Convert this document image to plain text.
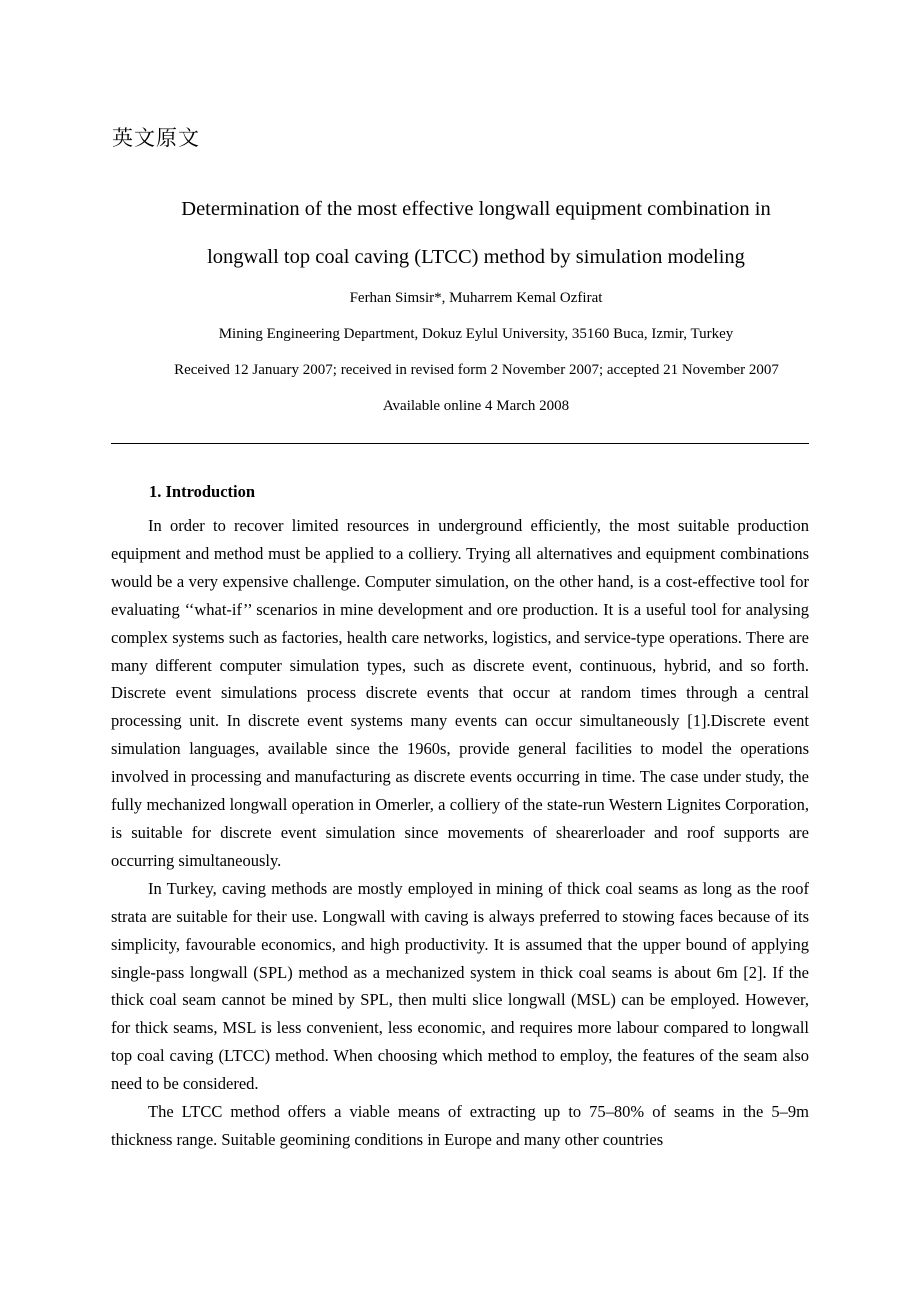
英文原文
Determination of the most effective longwall equipment combination in
longwall top coal caving (LTCC) method by simulation modeling
Ferhan Simsir*, Muharrem Kemal Ozfirat
Mining Engineering Department, Dokuz Eylul University, 35160 Buca, Izmir, Turkey
Received 12 January 2007; received in revised form 2 November 2007; accepted 21 November 2007
Available online 4 March 2008
1. Introduction

In order to recover limited resources in underground efficiently, the most suitable production equipment and method must be applied to a colliery. Trying all alternatives and equipment combinations would be a very expensive challenge. Computer simulation, on the other hand, is a cost-effective tool for evaluating ‘‘what-if’’ scenarios in mine development and ore production. It is a useful tool for analysing complex systems such as factories, health care networks, logistics, and service-type operations. There are many different computer simulation types, such as discrete event, continuous, hybrid, and so forth. Discrete event simulations process discrete events that occur at random times through a central processing unit. In discrete event systems many events can occur simultaneously [1].Discrete event simulation languages, available since the 1960s, provide general facilities to model the operations involved in processing and manufacturing as discrete events occurring in time. The case under study, the fully mechanized longwall operation in Omerler, a colliery of the state-run Western Lignites Corporation, is suitable for discrete event simulation since movements of shearerloader and roof supports are occurring simultaneously.

In Turkey, caving methods are mostly employed in mining of thick coal seams as long as the roof strata are suitable for their use. Longwall with caving is always preferred to stowing faces because of its simplicity, favourable economics, and high productivity. It is assumed that the upper bound of applying single-pass longwall (SPL) method as a mechanized system in thick coal seams is about 6m [2]. If the thick coal seam cannot be mined by SPL, then multi slice longwall (MSL) can be employed. However, for thick seams, MSL is less convenient, less economic, and requires more labour compared to longwall top coal caving (LTCC) method. When choosing which method to employ, the features of the seam also need to be considered.

The LTCC method offers a viable means of extracting up to 75–80% of seams in the 5–9m thickness range. Suitable geomining conditions in Europe and many other countries
